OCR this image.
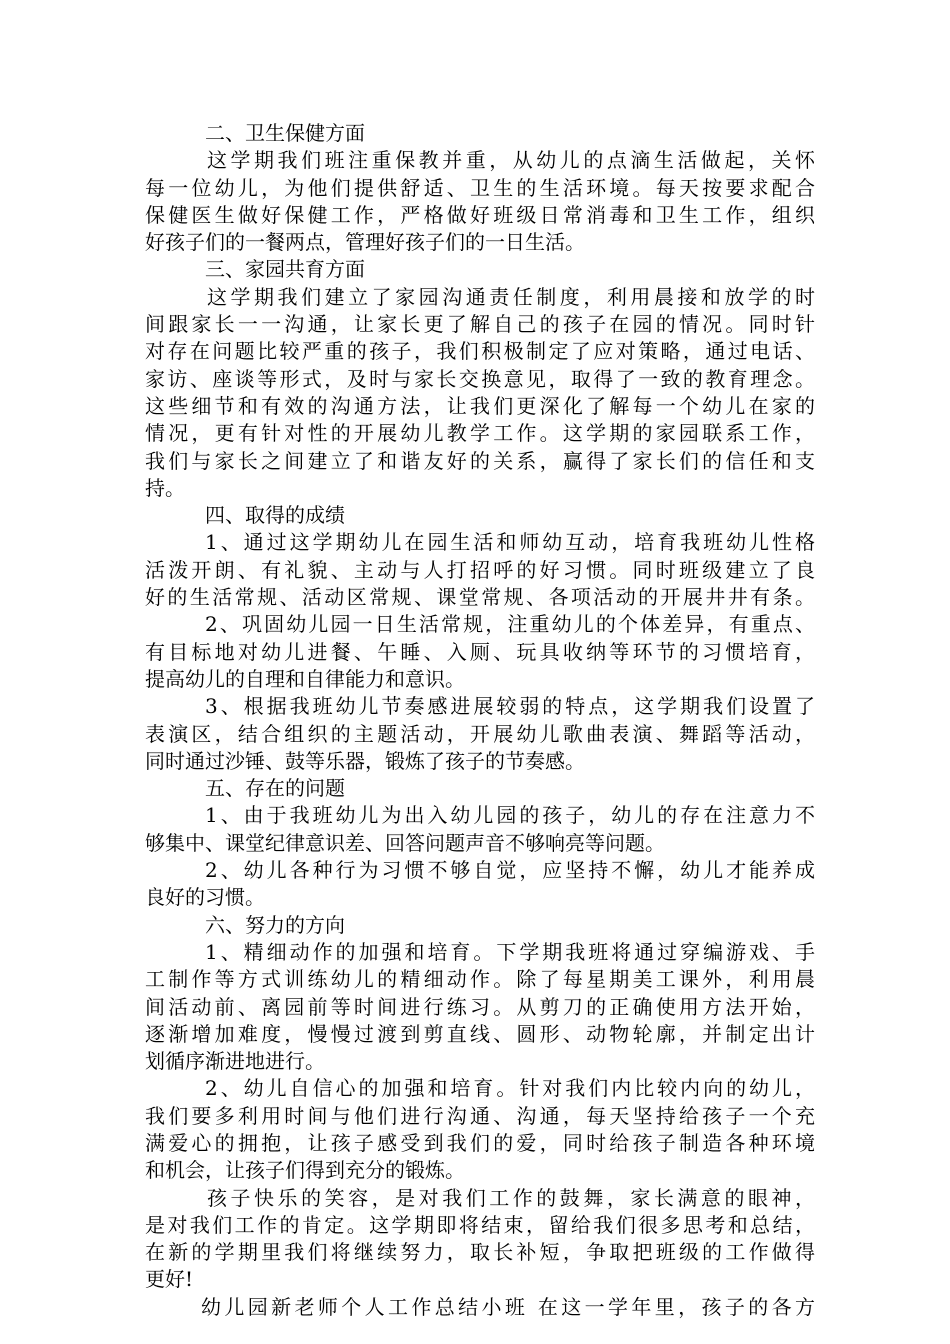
二、卫生保健方面
这学期我们班注重保教并重，从幼儿的点滴生活做起，关怀
每一位幼儿，为他们提供舒适、卫生的生活环境。每天按要求配合
保健医生做好保健工作，严格做好班级日常消毒和卫生工作，组织
好孩子们的一餐两点，管理好孩子们的一日生活。
三、家园共育方面
这学期我们建立了家园沟通责任制度，利用晨接和放学的时
间跟家长一一沟通，让家长更了解自己的孩子在园的情况。同时针
对存在问题比较严重的孩子，我们积极制定了应对策略，通过电话、
家访、座谈等形式，及时与家长交换意见，取得了一致的教育理念。
这些细节和有效的沟通方法，让我们更深化了解每一个幼儿在家的
情况，更有针对性的开展幼儿教学工作。这学期的家园联系工作，
我们与家长之间建立了和谐友好的关系，赢得了家长们的信任和支
持。
四、取得的成绩
1、通过这学期幼儿在园生活和师幼互动，培育我班幼儿性格
活泼开朗、有礼貌、主动与人打招呼的好习惯。同时班级建立了良
好的生活常规、活动区常规、课堂常规、各项活动的开展井井有条。
2、巩固幼儿园一日生活常规，注重幼儿的个体差异，有重点、
有目标地对幼儿进餐、午睡、入厕、玩具收纳等环节的习惯培育，
提高幼儿的自理和自律能力和意识。
3、根据我班幼儿节奏感进展较弱的特点，这学期我们设置了
表演区，结合组织的主题活动，开展幼儿歌曲表演、舞蹈等活动，
同时通过沙锤、鼓等乐器，锻炼了孩子的节奏感。
五、存在的问题
1、由于我班幼儿为出入幼儿园的孩子，幼儿的存在注意力不
够集中、课堂纪律意识差、回答问题声音不够响亮等问题。
2、幼儿各种行为习惯不够自觉，应坚持不懈，幼儿才能养成
良好的习惯。
六、努力的方向
1、精细动作的加强和培育。下学期我班将通过穿编游戏、手
工制作等方式训练幼儿的精细动作。除了每星期美工课外，利用晨
间活动前、离园前等时间进行练习。从剪刀的正确使用方法开始，
逐渐增加难度，慢慢过渡到剪直线、圆形、动物轮廓，并制定出计
划循序渐进地进行。
2、幼儿自信心的加强和培育。针对我们内比较内向的幼儿，
我们要多利用时间与他们进行沟通、沟通，每天坚持给孩子一个充
满爱心的拥抱，让孩子感受到我们的爱，同时给孩子制造各种环境
和机会，让孩子们得到充分的锻炼。
孩子快乐的笑容，是对我们工作的鼓舞，家长满意的眼神，
是对我们工作的肯定。这学期即将结束，留给我们很多思考和总结，
在新的学期里我们将继续努力，取长补短，争取把班级的工作做得
更好!
幼儿园新老师个人工作总结小班 在这一学年里，孩子的各方
